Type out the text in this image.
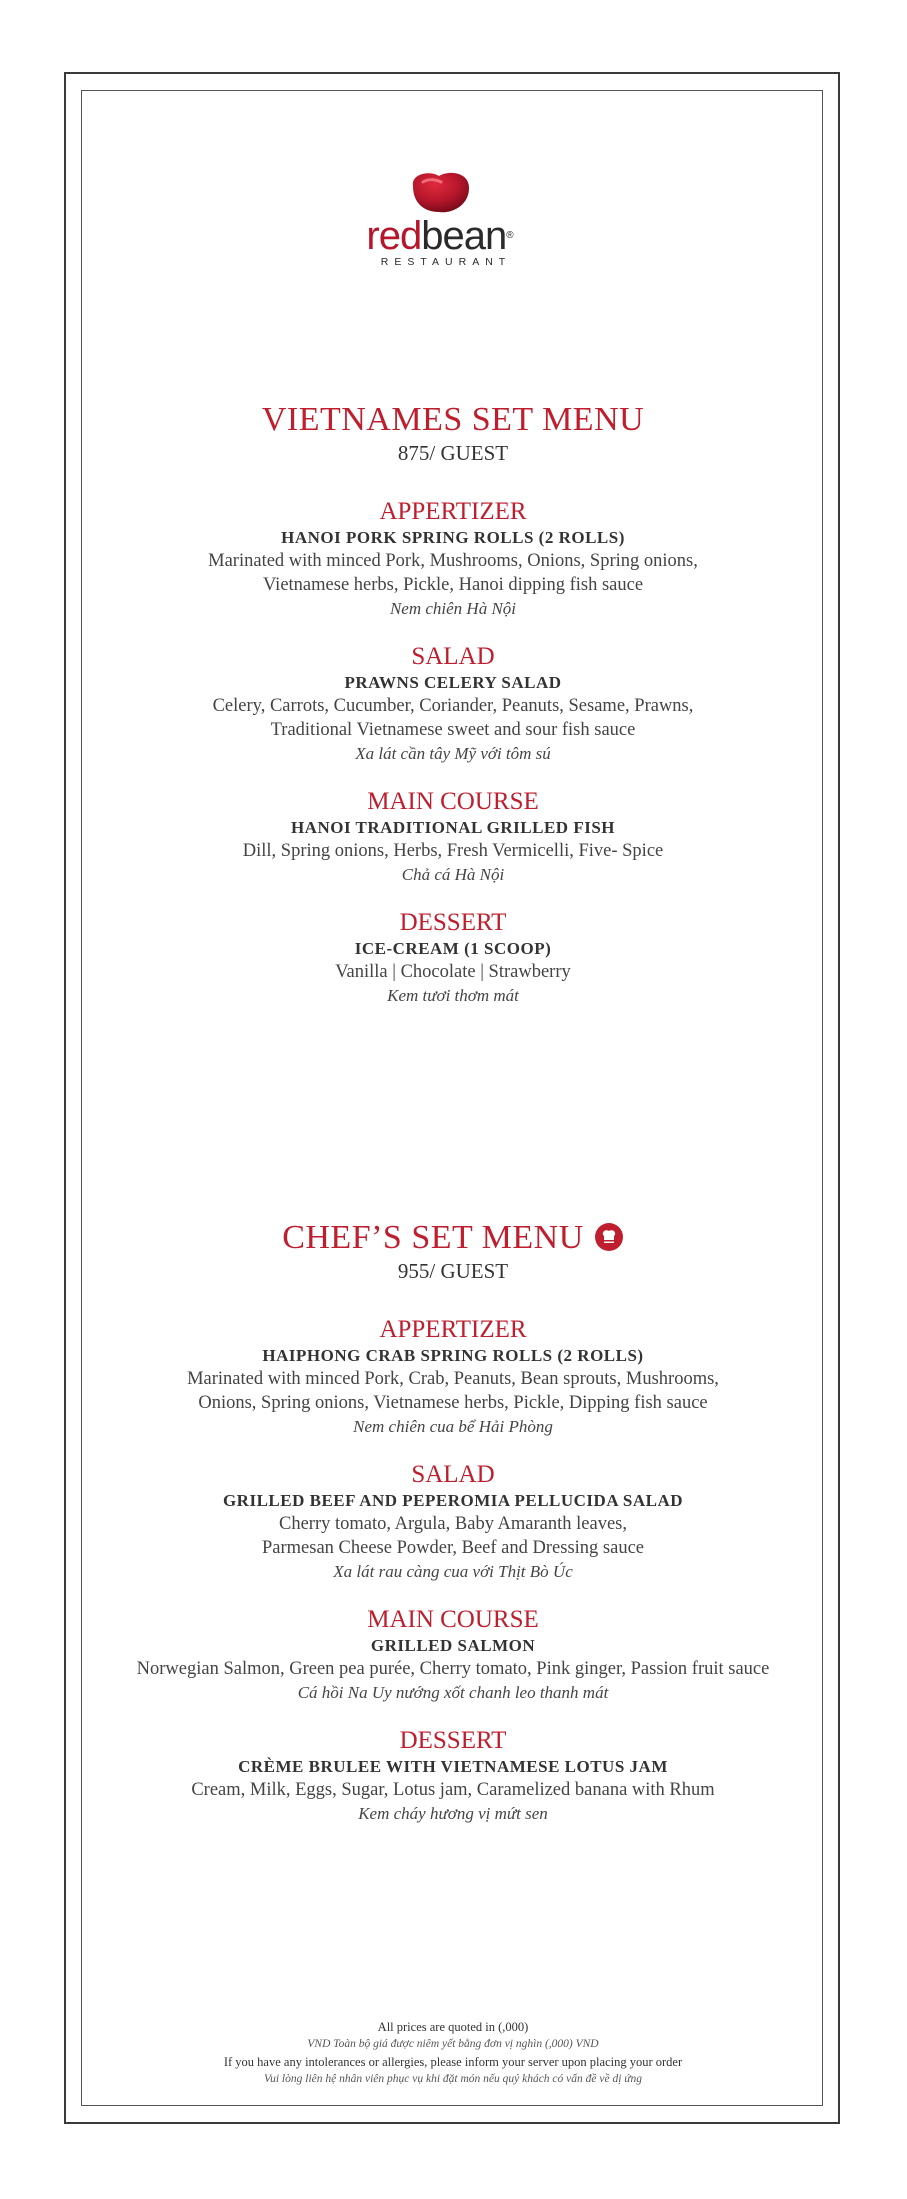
redbean®
RESTAURANT

VIETNAMES SET MENU

875/ GUEST

APPERTIZER

HANOI PORK SPRING ROLLS (2 ROLLS)

Marinated with minced Pork, Mushrooms, Onions, Spring onions,

Vietnamese herbs, Pickle, Hanoi dipping fish sauce

Nem chiên Hà Nội

SALAD

PRAWNS CELERY SALAD

Celery, Carrots, Cucumber, Coriander, Peanuts, Sesame, Prawns,

Traditional Vietnamese sweet and sour fish sauce

Xa lát cần tây Mỹ với tôm sú

MAIN COURSE

HANOI TRADITIONAL GRILLED FISH

Dill, Spring onions, Herbs, Fresh Vermicelli, Five- Spice

Chả cá Hà Nội

DESSERT

ICE-CREAM (1 SCOOP)

Vanilla | Chocolate | Strawberry

Kem tươi thơm mát

CHEF’S SET MENU

955/ GUEST

APPERTIZER

HAIPHONG CRAB SPRING ROLLS (2 ROLLS)

Marinated with minced Pork, Crab, Peanuts, Bean sprouts, Mushrooms,

Onions, Spring onions, Vietnamese herbs, Pickle, Dipping fish sauce

Nem chiên cua bể Hải Phòng

SALAD

GRILLED BEEF AND PEPEROMIA PELLUCIDA SALAD

Cherry tomato, Argula, Baby Amaranth leaves,

Parmesan Cheese Powder, Beef and Dressing sauce

Xa lát rau càng cua với Thịt Bò Úc

MAIN COURSE

GRILLED SALMON

Norwegian Salmon, Green pea purée, Cherry tomato, Pink ginger, Passion fruit sauce

Cá hồi Na Uy nướng xốt chanh leo thanh mát

DESSERT

CRÈME BRULEE WITH VIETNAMESE LOTUS JAM

Cream, Milk, Eggs, Sugar, Lotus jam, Caramelized banana with Rhum

Kem cháy hương vị mứt sen

All prices are quoted in (,000)

VND Toàn bộ giá được niêm yết bằng đơn vị nghìn (,000) VND

If you have any intolerances or allergies, please inform your server upon placing your order

Vui lòng liên hệ nhân viên phục vụ khi đặt món nếu quý khách có vấn đề về dị ứng
